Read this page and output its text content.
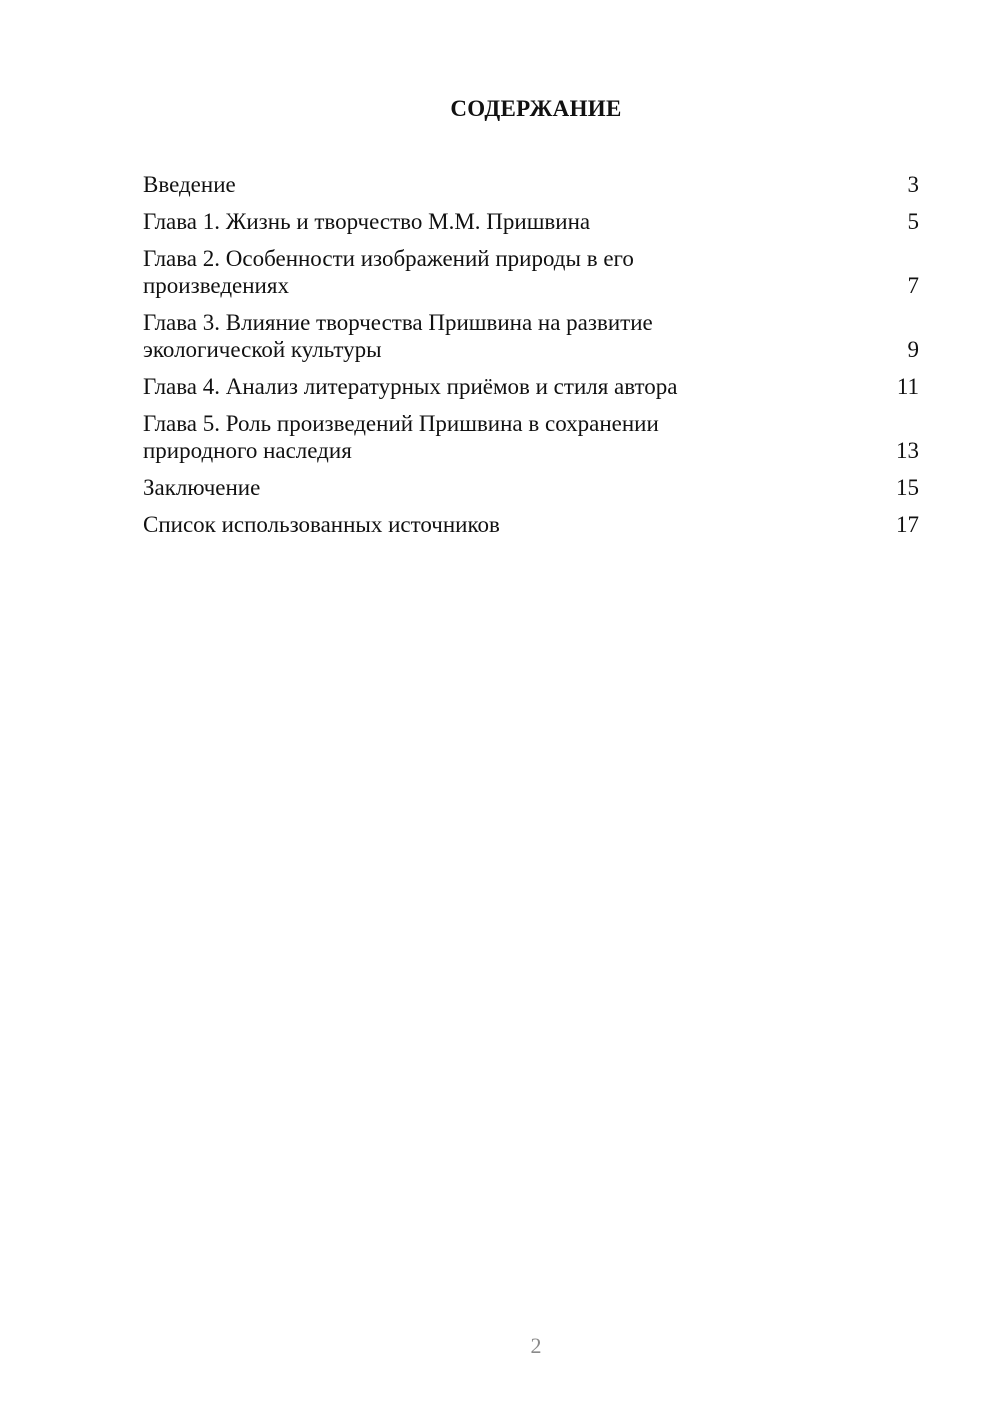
СОДЕРЖАНИЕ
Введение	3
Глава 1. Жизнь и творчество М.М. Пришвина	5
Глава 2. Особенности изображений природы в его
произведениях	7
Глава 3. Влияние творчества Пришвина на развитие
экологической культуры	9
Глава 4. Анализ литературных приёмов и стиля автора	11
Глава 5. Роль произведений Пришвина в сохранении
природного наследия	13
Заключение	15
Список использованных источников	17
2
